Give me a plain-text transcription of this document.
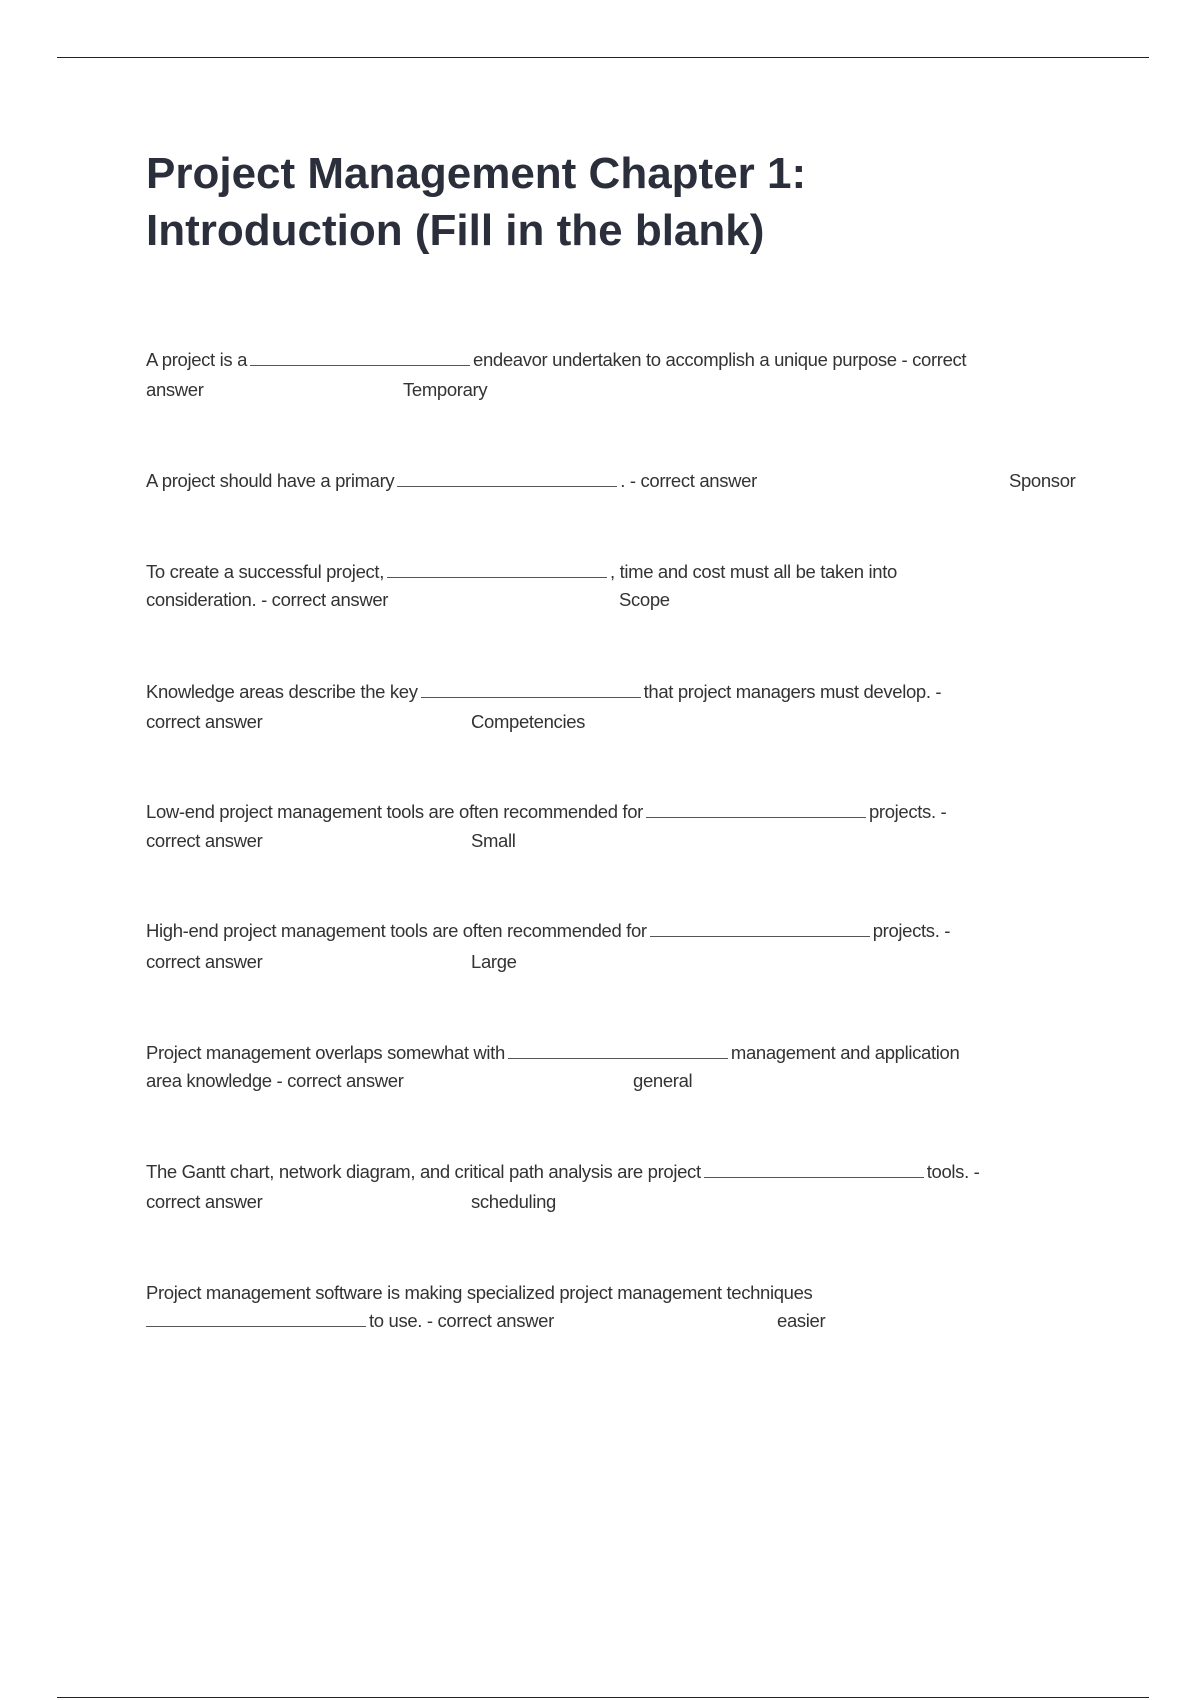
Project Management Chapter 1:
Introduction (Fill in the blank)
A project is a	endeavor undertaken to accomplish a unique purpose - correct
answer	Temporary
A project should have a primary	. - correct answer	Sponsor
To create a successful project,	, time and cost must all be taken into
consideration. - correct answer	Scope
Knowledge areas describe the key	that project managers must develop. -
correct answer	Competencies
Low-end project management tools are often recommended for	projects. -
correct answer	Small
High-end project management tools are often recommended for	projects. -
correct answer	Large
Project management overlaps somewhat with	management and application
area knowledge - correct answer	general
The Gantt chart, network diagram, and critical path analysis are project	tools. -
correct answer	scheduling
Project management software is making specialized project management techniques
to use. - correct answer	easier
